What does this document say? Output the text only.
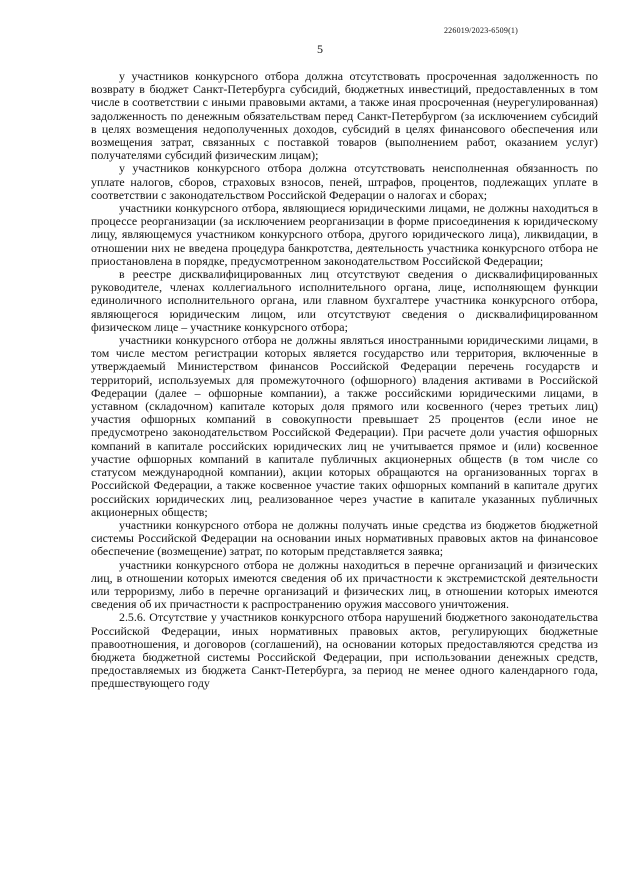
226019/2023-6509(1)
5

у участников конкурсного отбора должна отсутствовать просроченная задолженность по возврату в бюджет Санкт-Петербурга субсидий, бюджетных инвестиций, предоставленных в том числе в соответствии с иными правовыми актами, а также иная просроченная (неурегулированная) задолженность по денежным обязательствам перед Санкт-Петербургом (за исключением субсидий в целях возмещения недополученных доходов, субсидий в целях финансового обеспечения или возмещения затрат, связанных с поставкой товаров (выполнением работ, оказанием услуг) получателями субсидий физическим лицам);

у участников конкурсного отбора должна отсутствовать неисполненная обязанность по уплате налогов, сборов, страховых взносов, пеней, штрафов, процентов, подлежащих уплате в соответствии с законодательством Российской Федерации о налогах и сборах;

участники конкурсного отбора, являющиеся юридическими лицами, не должны находиться в процессе реорганизации (за исключением реорганизации в форме присоединения к юридическому лицу, являющемуся участником конкурсного отбора, другого юридического лица), ликвидации, в отношении них не введена процедура банкротства, деятельность участника конкурсного отбора не приостановлена в порядке, предусмотренном законодательством Российской Федерации;

в реестре дисквалифицированных лиц отсутствуют сведения о дисквалифицированных руководителе, членах коллегиального исполнительного органа, лице, исполняющем функции единоличного исполнительного органа, или главном бухгалтере участника конкурсного отбора, являющегося юридическим лицом, или отсутствуют сведения о дисквалифицированном физическом лице – участнике конкурсного отбора;

участники конкурсного отбора не должны являться иностранными юридическими лицами, в том числе местом регистрации которых является государство или территория, включенные в утверждаемый Министерством финансов Российской Федерации перечень государств и территорий, используемых для промежуточного (офшорного) владения активами в Российской Федерации (далее – офшорные компании), а также российскими юридическими лицами, в уставном (складочном) капитале которых доля прямого или косвенного (через третьих лиц) участия офшорных компаний в совокупности превышает 25 процентов (если иное не предусмотрено законодательством Российской Федерации). При расчете доли участия офшорных компаний в капитале российских юридических лиц не учитывается прямое и (или) косвенное участие офшорных компаний в капитале публичных акционерных обществ (в том числе со статусом международной компании), акции которых обращаются на организованных торгах в Российской Федерации, а также косвенное участие таких офшорных компаний в капитале других российских юридических лиц, реализованное через участие в капитале указанных публичных акционерных обществ;

участники конкурсного отбора не должны получать иные средства из бюджетов бюджетной системы Российской Федерации на основании иных нормативных правовых актов на финансовое обеспечение (возмещение) затрат, по которым представляется заявка;

участники конкурсного отбора не должны находиться в перечне организаций и физических лиц, в отношении которых имеются сведения об их причастности к экстремистской деятельности или терроризму, либо в перечне организаций и физических лиц, в отношении которых имеются сведения об их причастности к распространению оружия массового уничтожения.

2.5.6. Отсутствие у участников конкурсного отбора нарушений бюджетного законодательства Российской Федерации, иных нормативных правовых актов, регулирующих бюджетные правоотношения, и договоров (соглашений), на основании которых предоставляются средства из бюджета бюджетной системы Российской Федерации, при использовании денежных средств, предоставляемых из бюджета Санкт-Петербурга, за период не менее одного календарного года, предшествующего году
